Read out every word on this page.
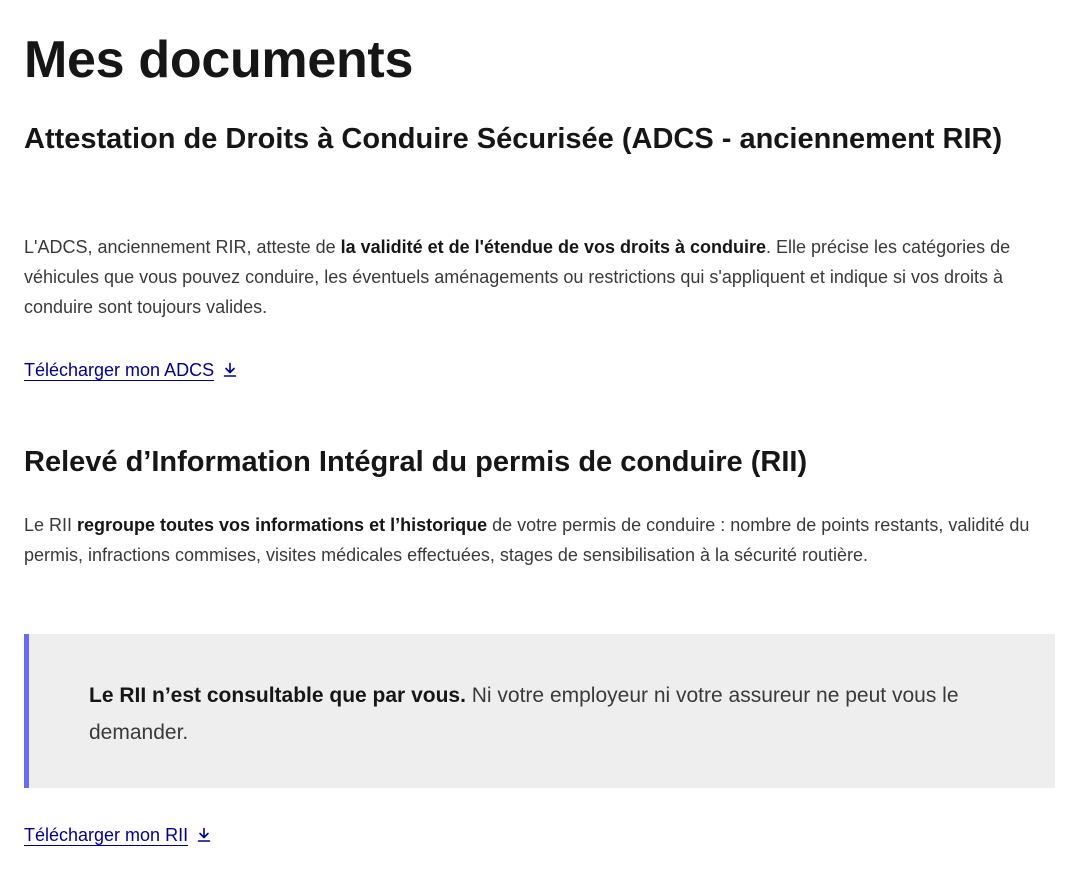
Mes documents
Attestation de Droits à Conduire Sécurisée (ADCS - anciennement RIR)

L'ADCS, anciennement RIR, atteste de la validité et de l'étendue de vos droits à conduire. Elle précise les catégories de véhicules que vous pouvez conduire, les éventuels aménagements ou restrictions qui s'appliquent et indique si vos droits à conduire sont toujours valides.

Télécharger mon ADCS
Relevé d’Information Intégral du permis de conduire (RII)

Le RII regroupe toutes vos informations et l’historique de votre permis de conduire : nombre de points restants, validité du permis, infractions commises, visites médicales effectuées, stages de sensibilisation à la sécurité routière.

Le RII n’est consultable que par vous. Ni votre employeur ni votre assureur ne peut vous le demander.

Télécharger mon RII
